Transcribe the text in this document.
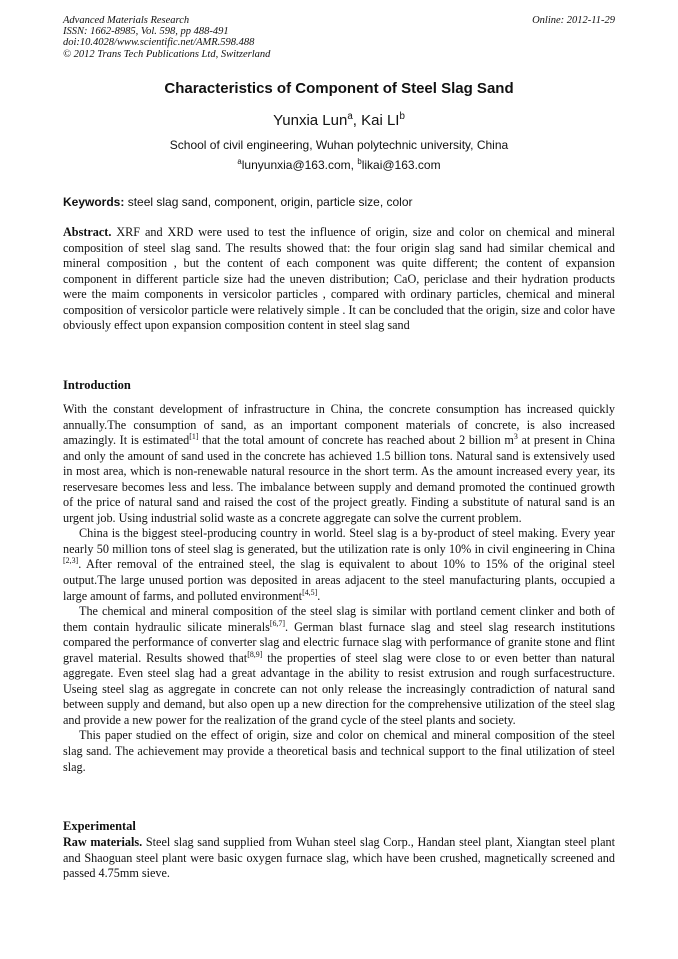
Advanced Materials Research
ISSN: 1662-8985, Vol. 598, pp 488-491
doi:10.4028/www.scientific.net/AMR.598.488
© 2012 Trans Tech Publications Ltd, Switzerland
Online: 2012-11-29
Characteristics of Component of Steel Slag Sand
Yunxia Lun$^a$, Kai $LI^b$
School of civil engineering, Wuhan polytechnic university, China
$^a$lunyunxia@163.com, $^b$likai@163.com
Keywords: steel slag sand, component, origin, particle size, color
Abstract. XRF and XRD were used to test the influence of origin, size and color on chemical and mineral composition of steel slag sand. The results showed that: the four origin slag sand had similar chemical and mineral composition , but the content of each component was quite different; the content of expansion component in different particle size had the uneven distribution; CaO, periclase and their hydration products were the maim components in versicolor particles , compared with ordinary particles, chemical and mineral composition of versicolor particle were relatively simple . It can be concluded that the origin, size and color have obviously effect upon expansion composition content in steel slag sand
Introduction

With the constant development of infrastructure in China, the concrete consumption has increased quickly annually.The consumption of sand, as an important component materials of concrete, is also increased amazingly. It is estimated[1] that the total amount of concrete has reached about 2 billion $m^3$ at present in China and only the amount of sand used in the concrete has achieved 1.5 billion tons. Natural sand is extensively used in most area, which is non-renewable natural resource in the short term. As the amount increased every year, its reservesare becomes less and less. The imbalance between supply and demand promoted the continued growth of the price of natural sand and raised the cost of the project greatly. Finding a substitute of natural sand is an urgent job. Using industrial solid waste as a concrete aggregate can solve the current problem.

China is the biggest steel-producing country in world. Steel slag is a by-product of steel making. Every year nearly 50 million tons of steel slag is generated, but the utilization rate is only 10% in civil engineering in China [2,3]. After removal of the entrained steel, the slag is equivalent to about 10% to 15% of the original steel output.The large unused portion was deposited in areas adjacent to the steel manufacturing plants, occupied a large amount of farms, and polluted environment[4,5].

The chemical and mineral composition of the steel slag is similar with portland cement clinker and both of them contain hydraulic silicate minerals[6,7]. German blast furnace slag and steel slag research institutions compared the performance of converter slag and electric furnace slag with performance of granite stone and flint gravel material. Results showed that[8,9] the properties of steel slag were close to or even better than natural aggregate. Even steel slag had a great advantage in the ability to resist extrusion and rough surfacestructure. Useing steel slag as aggregate in concrete can not only release the increasingly contradiction of natural sand between supply and demand, but also open up a new direction for the comprehensive utilization of the steel slag and provide a new power for the realization of the grand cycle of the steel plants and society.

This paper studied on the effect of origin, size and color on chemical and mineral composition of the steel slag sand. The achievement may provide a theoretical basis and technical support to the final utilization of steel slag.

Experimental
Raw materials. Steel slag sand supplied from Wuhan steel slag Corp., Handan steel plant, Xiangtan steel plant and Shaoguan steel plant were basic oxygen furnace slag, which have been crushed, magnetically screened and passed 4.75mm sieve.
